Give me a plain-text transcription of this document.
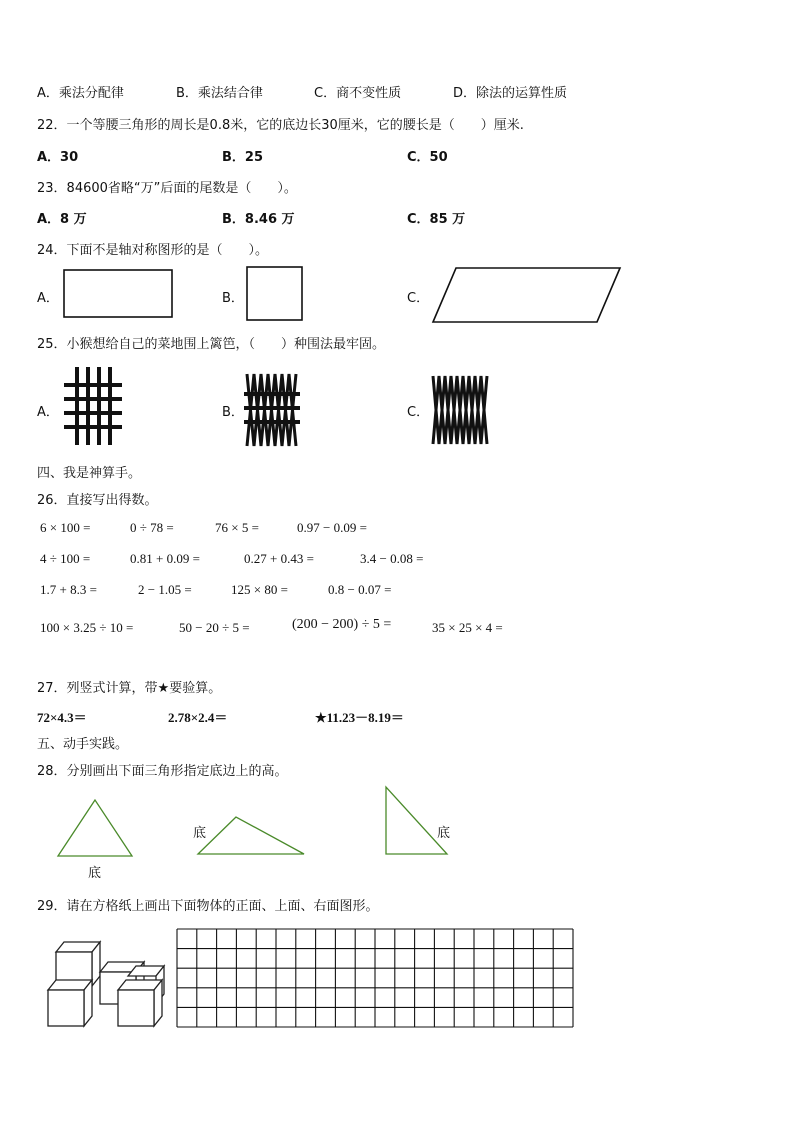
A．乘法分配律	B．乘法结合律	C．商不变性质	D．除法的运算性质
22．一个等腰三角形的周长是0.8米，它的底边长30厘米，它的腰长是（　　）厘米.
A．30	B．25	C．50
23．84600省略“万”后面的尾数是（　　）。
A．8 万	B．8.46 万	C．85 万
24．下面不是轴对称图形的是（　　）。
A．	B．	C．
25．小猴想给自己的菜地围上篱笆，（　　）种围法最牢固。
A．	B．	C．
四、我是神算手。
26．直接写出得数。
6 × 100 =	0 ÷ 78 =	76 × 5 =	0.97 − 0.09 =
4 ÷ 100 =	0.81 + 0.09 =	0.27 + 0.43 =	3.4 − 0.08 =
1.7 + 8.3 =	2 − 1.05 =	125 × 80 =	0.8 − 0.07 =
100 × 3.25 ÷ 10 =	50 − 20 ÷ 5 =	(200 − 200) ÷ 5 =	35 × 25 × 4 =
27．列竖式计算，带★要验算。
72×4.3＝	2.78×2.4＝	★11.23－8.19＝
五、动手实践。
28．分别画出下面三角形指定底边上的高。
底
底	底
29．请在方格纸上画出下面物体的正面、上面、右面图形。
